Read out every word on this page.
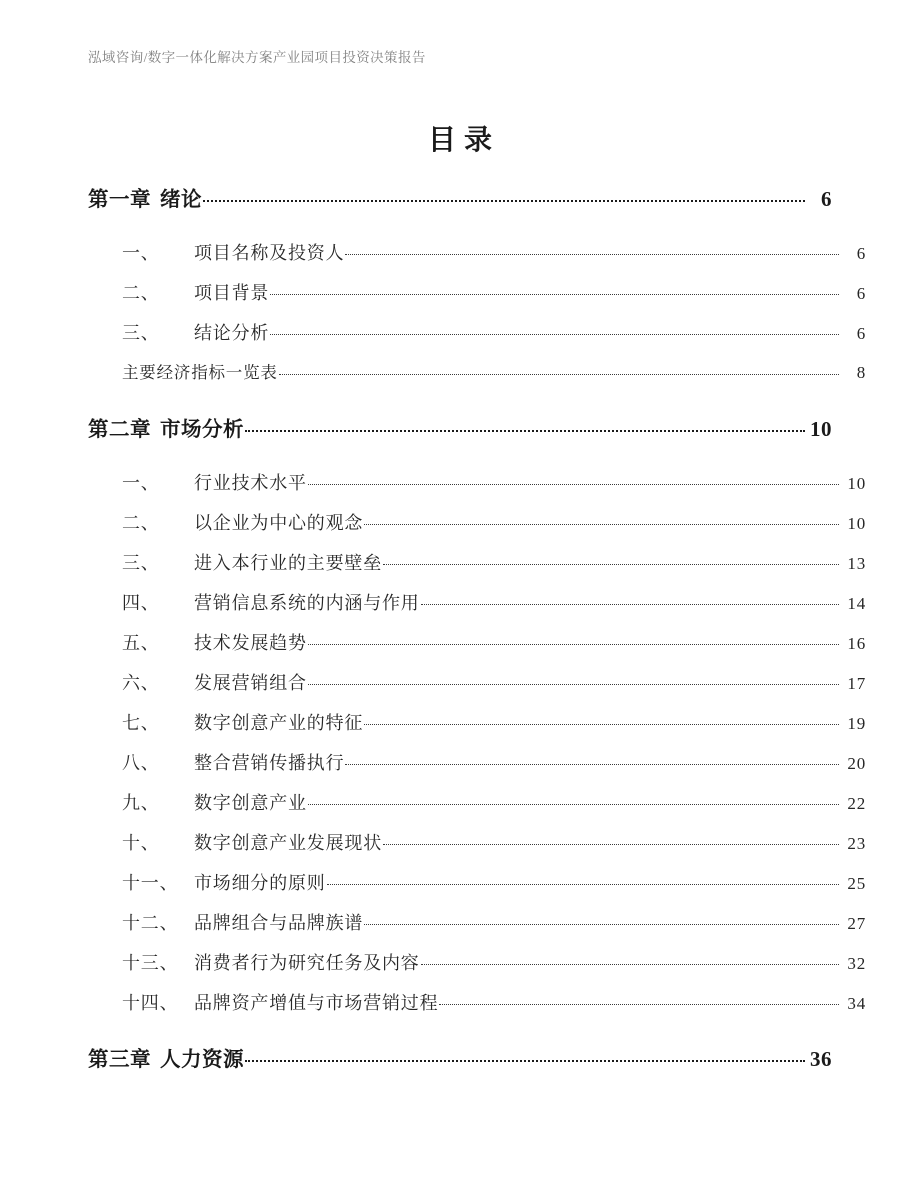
泓域咨询/数字一体化解决方案产业园项目投资决策报告
目录
第一章 绪论	6
一、	项目名称及投资人	6
二、	项目背景	6
三、	结论分析	6
主要经济指标一览表	8
第二章 市场分析	10
一、	行业技术水平	10
二、	以企业为中心的观念	10
三、	进入本行业的主要壁垒	13
四、	营销信息系统的内涵与作用	14
五、	技术发展趋势	16
六、	发展营销组合	17
七、	数字创意产业的特征	19
八、	整合营销传播执行	20
九、	数字创意产业	22
十、	数字创意产业发展现状	23
十一、 市场细分的原则	25
十二、 品牌组合与品牌族谱	27
十三、 消费者行为研究任务及内容	32
十四、 品牌资产增值与市场营销过程	34
第三章 人力资源	36
